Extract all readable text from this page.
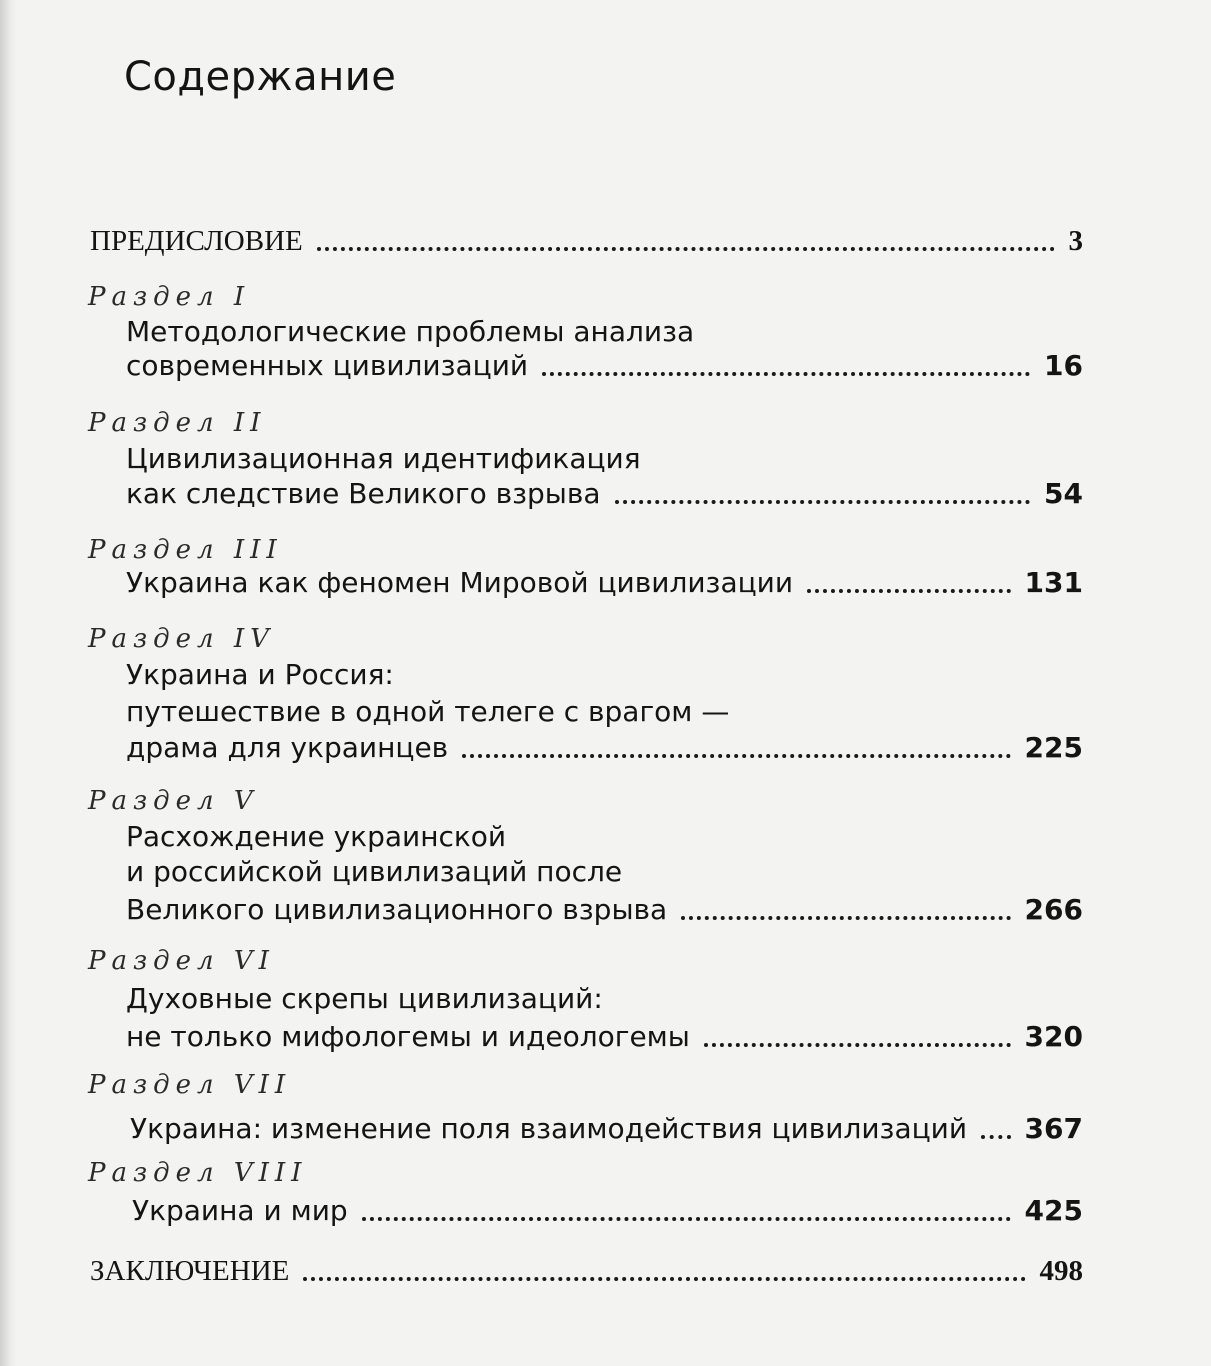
Содержание
ПРЕДИСЛОВИЕ	3
Раздел I
Методологические проблемы анализа
современных цивилизаций	16
Раздел II
Цивилизационная идентификация
как следствие Великого взрыва	54
Раздел III
Украина как феномен Мировой цивилизации	131
Раздел IV
Украина и Россия:
путешествие в одной телеге с врагом —
драма для украинцев	225
Раздел V
Расхождение украинской
и российской цивилизаций после
Великого цивилизационного взрыва	266
Раздел VI
Духовные скрепы цивилизаций:
не только мифологемы и идеологемы	320
Раздел VII
Украина: изменение поля взаимодействия цивилизаций 367
Раздел VIII
Украина и мир	425
ЗАКЛЮЧЕНИЕ	498
